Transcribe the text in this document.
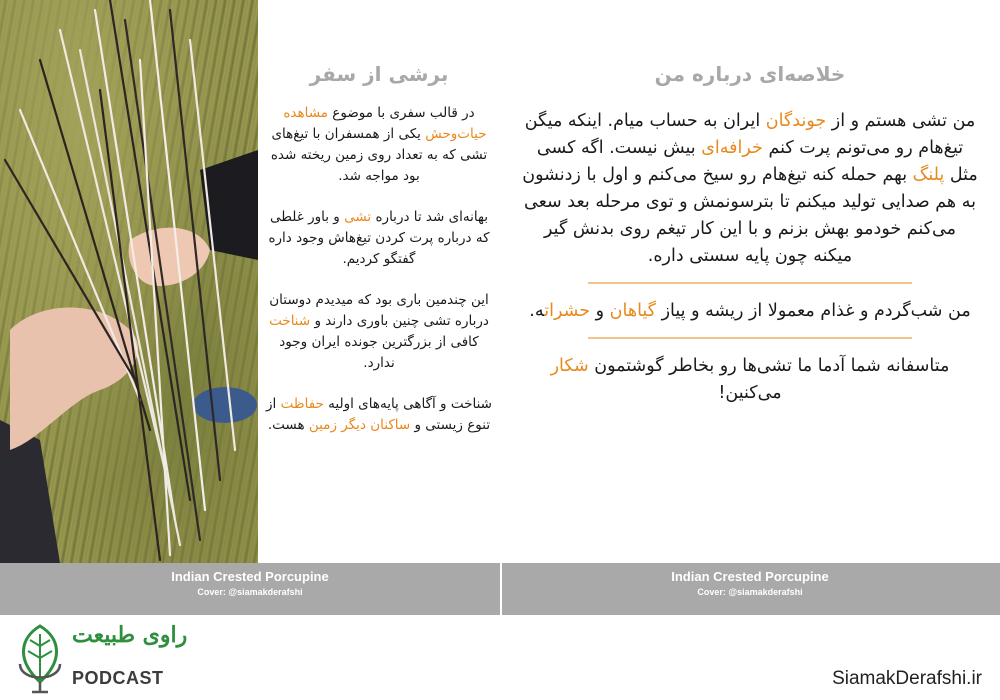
برشی از سفر

در قالب سفری با موضوع مشاهده حیات‌وحش یکی از همسفران با تیغ‌های تشی که به تعداد روی زمین ریخته شده بود مواجه شد.

بهانه‌ای شد تا درباره تشی و باور غلطی که درباره پرت کردن تیغ‌هاش وجود داره گفتگو کردیم.

این چندمین باری بود که میدیدم دوستان درباره تشی چنین باوری دارند و شناخت کافی از بزرگترین جونده ایران وجود ندارد.

شناخت و آگاهی پایه‌های اولیه حفاظت از تنوع زیستی و ساکنان دیگر زمین هست.

خلاصه‌ای درباره من

من تشی هستم و از جوندگان ایران به حساب میام. اینکه میگن تیغ‌هام رو می‌تونم پرت کنم خرافه‌ای بیش نیست. اگه کسی مثل پلنگ بهم حمله کنه تیغ‌هام رو سیخ می‌کنم و اول با زدنشون به هم صدایی تولید میکنم تا بترسونمش و توی مرحله بعد سعی می‌کنم خودمو بهش بزنم و با این کار تیغم روی بدنش گیر میکنه چون پایه سستی داره.

من شب‌گردم و غذام معمولا از ریشه و پیاز گیاهان و حشراته.

متاسفانه شما آدما ما تشی‌ها رو بخاطر گوشتمون شکار می‌کنین!

Indian Crested Porcupine
Cover: @siamakderafshi
Indian Crested Porcupine
Cover: @siamakderafshi
راوی طبیعت
PODCAST	SiamakDerafshi.ir
